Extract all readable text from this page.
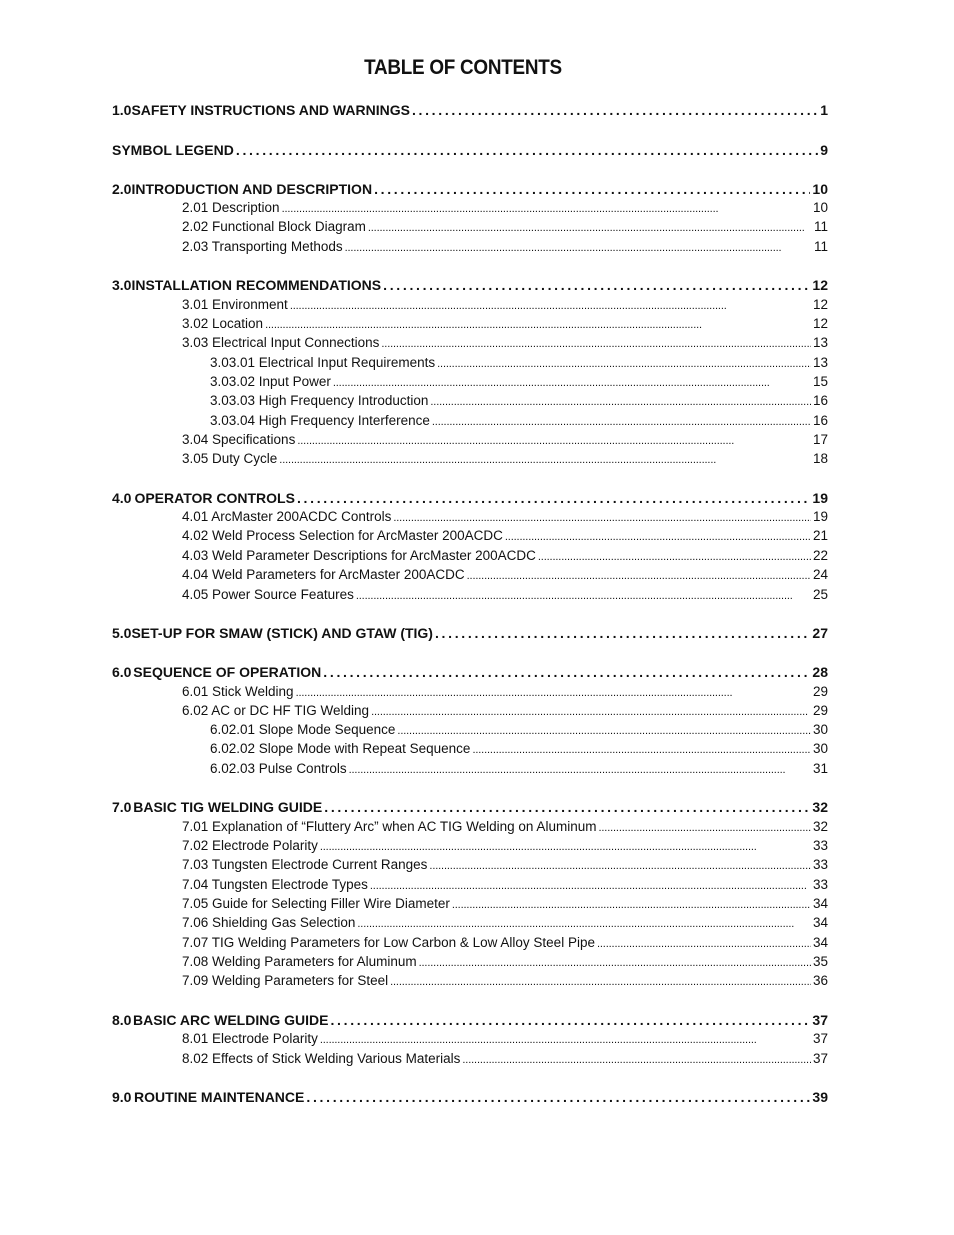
TABLE OF CONTENTS
1.0 SAFETY INSTRUCTIONS AND WARNINGS . . .	1
SYMBOL LEGEND . . .	9
2.0 INTRODUCTION AND DESCRIPTION . . .	10
2.01 Description . . .	10
2.02 Functional Block Diagram . . .	11
2.03 Transporting Methods . . .	11
3.0 INSTALLATION RECOMMENDATIONS . . .	12
3.01 Environment . . .	12
3.02 Location . . .	12
3.03 Electrical Input Connections . . .	13
3.03.01 Electrical Input Requirements . . .	13
3.03.02 Input Power . . .	15
3.03.03 High Frequency Introduction . . .	16
3.03.04 High Frequency Interference . . .	16
3.04 Specifications . . .	17
3.05 Duty Cycle . . .	18
4.0 OPERATOR CONTROLS . . .	19
4.01 ArcMaster 200ACDC Controls . . .	19
4.02 Weld Process Selection for ArcMaster 200ACDC . . .	21
4.03 Weld Parameter Descriptions for ArcMaster 200ACDC . . .	22
4.04 Weld Parameters for ArcMaster 200ACDC . . .	24
4.05 Power Source Features . . .	25
5.0 SET-UP FOR SMAW (STICK) AND GTAW (TIG) . . .	27
6.0 SEQUENCE OF OPERATION . . .	28
6.01 Stick Welding . . .	29
6.02 AC or DC HF TIG Welding . . .	29
6.02.01 Slope Mode Sequence . . .	30
6.02.02 Slope Mode with Repeat Sequence . . .	30
6.02.03 Pulse Controls . . .	31
7.0 BASIC TIG WELDING GUIDE . . .	32
7.01 Explanation of “Fluttery Arc” when AC TIG Welding on Aluminum . . .	32
7.02 Electrode Polarity . . .	33
7.03 Tungsten Electrode Current Ranges . . .	33
7.04 Tungsten Electrode Types . . .	33
7.05 Guide for Selecting Filler Wire Diameter . . .	34
7.06 Shielding Gas Selection . . .	34
7.07 TIG Welding Parameters for Low Carbon & Low Alloy Steel Pipe . . .	34
7.08 Welding Parameters for Aluminum . . .	35
7.09 Welding Parameters for Steel . . .	36
8.0 BASIC ARC WELDING GUIDE . . .	37
8.01 Electrode Polarity . . .	37
8.02 Effects of Stick Welding Various Materials . . .	37
9.0 ROUTINE MAINTENANCE . . .	39
